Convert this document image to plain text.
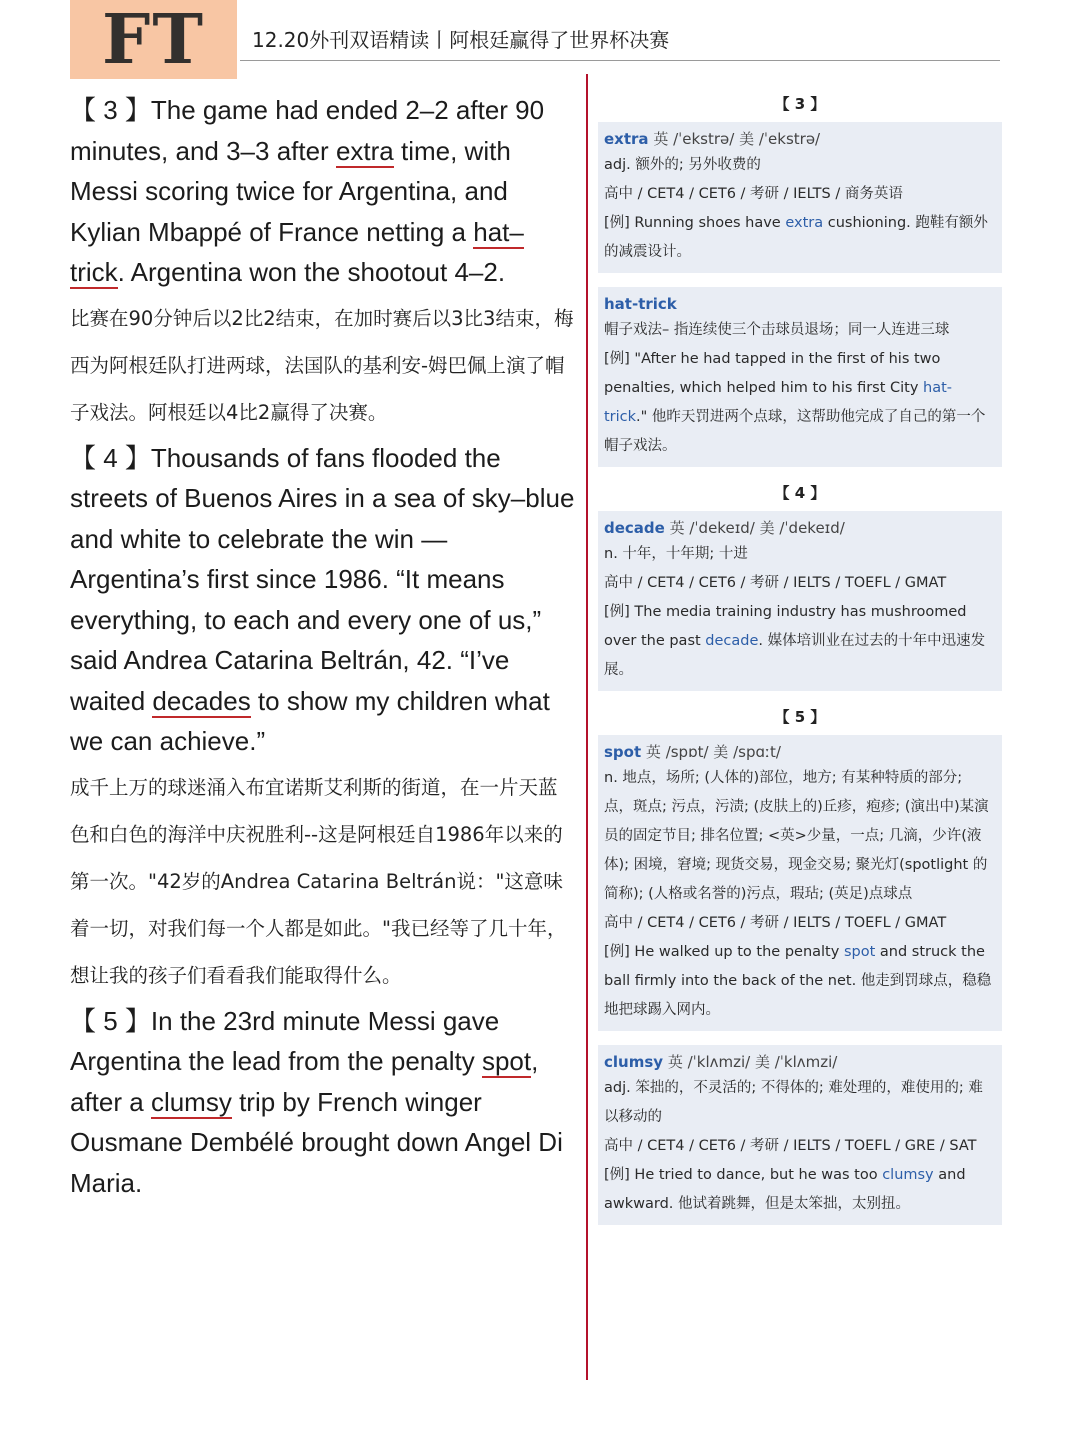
FT 12.20外刊双语精读丨阿根廷赢得了世界杯决赛

【 3 】The game had ended 2–2 after 90 minutes, and 3–3 after extra time, with Messi scoring twice for Argentina, and Kylian Mbappé of France netting a hat–trick. Argentina won the shootout 4–2.

比赛在90分钟后以2比2结束，在加时赛后以3比3结束，梅西为阿根廷队打进两球，法国队的基利安-姆巴佩上演了帽子戏法。阿根廷以4比2赢得了决赛。

【 4 】Thousands of fans flooded the streets of Buenos Aires in a sea of sky–blue and white to celebrate the win — Argentina’s first since 1986. “It means everything, to each and every one of us,” said Andrea Catarina Beltrán, 42. “I’ve waited decades to show my children what we can achieve.”

成千上万的球迷涌入布宜诺斯艾利斯的街道，在一片天蓝色和白色的海洋中庆祝胜利--这是阿根廷自1986年以来的第一次。"42岁的Andrea Catarina Beltrán说："这意味着一切，对我们每一个人都是如此。"我已经等了几十年，想让我的孩子们看看我们能取得什么。

【 5 】In the 23rd minute Messi gave Argentina the lead from the penalty spot, after a clumsy trip by French winger Ousmane Dembélé brought down Angel Di Maria.

【 3 】
extra 英 /ˈekstrə/ 美 /ˈekstrə/

adj. 额外的; 另外收费的

高中 / CET4 / CET6 / 考研 / IELTS / 商务英语

[例] Running shoes have extra cushioning. 跑鞋有额外的减震设计。

hat-trick

帽子戏法– 指连续使三个击球员退场；同一人连进三球

[例] "After he had tapped in the first of his two penalties, which helped him to his first City hat-trick." 他昨天罚进两个点球，这帮助他完成了自己的第一个帽子戏法。

【 4 】
decade 英 /ˈdekeɪd/ 美 /ˈdekeɪd/

n. 十年，十年期; 十进

高中 / CET4 / CET6 / 考研 / IELTS / TOEFL / GMAT

[例] The media training industry has mushroomed over the past decade. 媒体培训业在过去的十年中迅速发展。

【 5 】
spot 英 /spɒt/ 美 /spɑːt/

n. 地点，场所; (人体的)部位，地方; 有某种特质的部分; 点，斑点; 污点，污渍; (皮肤上的)丘疹，疱疹; (演出中)某演员的固定节目; 排名位置; <英>少量，一点; 几滴，少许(液体); 困境，窘境; 现货交易，现金交易; 聚光灯(spotlight 的简称); (人格或名誉的)污点，瑕玷; (英足)点球点

高中 / CET4 / CET6 / 考研 / IELTS / TOEFL / GMAT

[例] He walked up to the penalty spot and struck the ball firmly into the back of the net. 他走到罚球点，稳稳地把球踢入网内。

clumsy 英 /ˈklʌmzi/ 美 /ˈklʌmzi/

adj. 笨拙的，不灵活的; 不得体的; 难处理的，难使用的; 难以移动的

高中 / CET4 / CET6 / 考研 / IELTS / TOEFL / GRE / SAT

[例] He tried to dance, but he was too clumsy and awkward. 他试着跳舞，但是太笨拙，太别扭。
